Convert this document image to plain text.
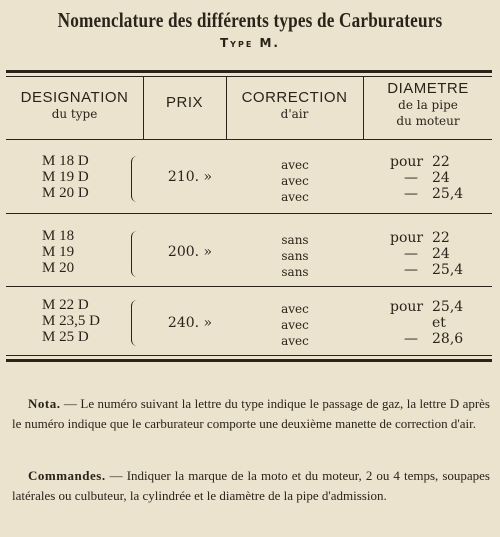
Nomenclature des différents types de Carburateurs
Type M.
DESIGNATION
du type
PRIX	CORRECTION
d'air
DIAMETRE
de la pipe
du moteur
M 18 D
M 19 D
M 20 D
210. »
avec
avec
avec
pour 22
— 24
— 25,4
M 18
M 19
M 20
200. »
sans
sans
sans
pour 22
— 24
— 25,4
M 22 D
M 23,5 D
M 25 D
240. »
avec
avec
avec
pour 25,4
et
— 28,6
Nota. — Le numéro suivant la lettre du type indique le passage de gaz, la lettre D après le numéro indique que le carburateur comporte une deuxième manette de correction d'air.
Commandes. — Indiquer la marque de la moto et du moteur, 2 ou 4 temps, soupapes latérales ou culbuteur, la cylindrée et le diamètre de la pipe d'admission.
